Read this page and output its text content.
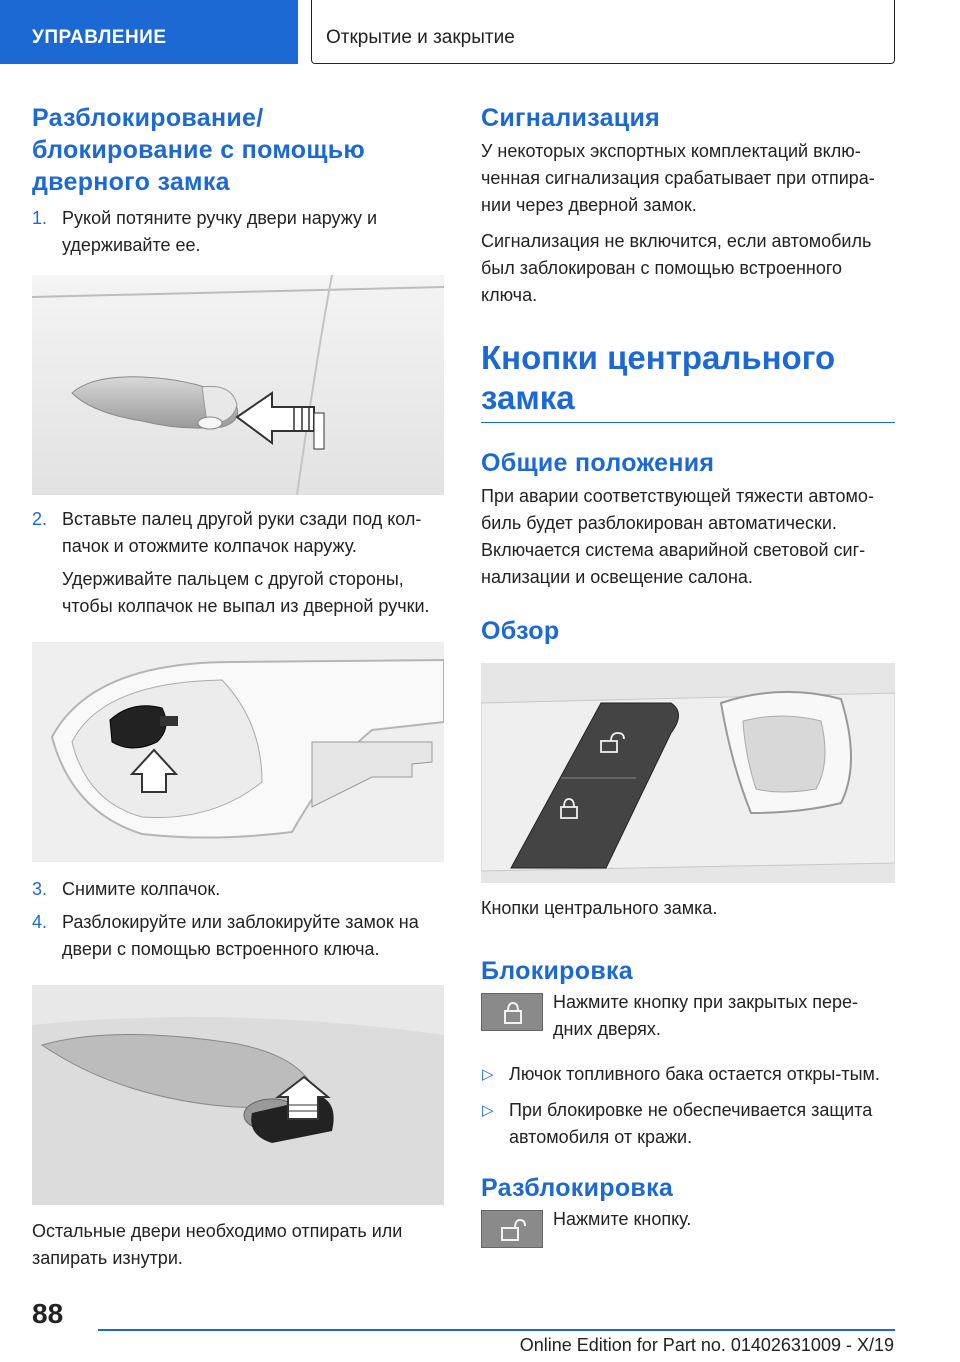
УПРАВЛЕНИЕ	Открытие и закрытие
Разблокирование/
блокирование с помощью
дверного замка
1. Рукой потяните ручку двери наружу и удерживайте ее.
2. Вставьте палец другой руки сзади под кол-пачок и отожмите колпачок наружу.
Удерживайте пальцем с другой стороны, чтобы колпачок не выпал из дверной ручки.
3. Снимите колпачок.
4. Разблокируйте или заблокируйте замок на двери с помощью встроенного ключа.

Остальные двери необходимо отпирать или запирать изнутри.

Сигнализация

У некоторых экспортных комплектаций вклю-ченная сигнализация срабатывает при отпира-нии через дверной замок.

Сигнализация не включится, если автомобиль был заблокирован с помощью встроенного ключа.

Кнопки центрального
замка
Общие положения

При аварии соответствующей тяжести автомо-биль будет разблокирован автоматически. Включается система аварийной световой сиг-нализации и освещение салона.

Обзор

Кнопки центрального замка.

Блокировка
Нажмите кнопку при закрытых пере-дних дверях.
▷ Лючок топливного бака остается откры-тым.
▷ При блокировке не обеспечивается защита автомобиля от кражи.
Разблокировка
Нажмите кнопку.
88
Online Edition for Part no. 01402631009 - X/19
